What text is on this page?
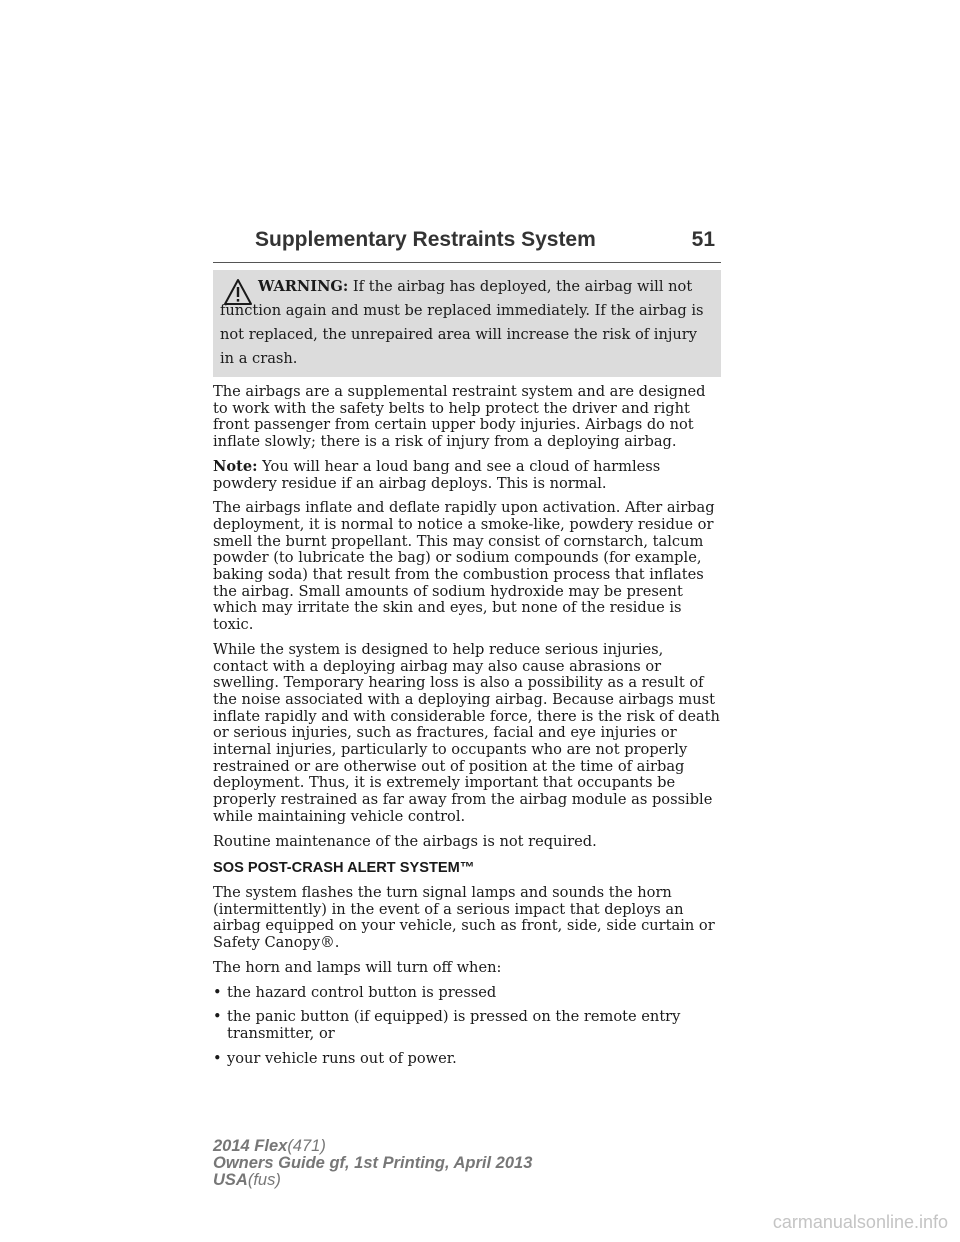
Supplementary Restraints System	51
WARNING: If the airbag has deployed, the airbag will not function again and must be replaced immediately. If the airbag is not replaced, the unrepaired area will increase the risk of injury in a crash.

The airbags are a supplemental restraint system and are designed to work with the safety belts to help protect the driver and right front passenger from certain upper body injuries. Airbags do not inflate slowly; there is a risk of injury from a deploying airbag.

Note: You will hear a loud bang and see a cloud of harmless powdery residue if an airbag deploys. This is normal.

The airbags inflate and deflate rapidly upon activation. After airbag deployment, it is normal to notice a smoke-like, powdery residue or smell the burnt propellant. This may consist of cornstarch, talcum powder (to lubricate the bag) or sodium compounds (for example, baking soda) that result from the combustion process that inflates the airbag. Small amounts of sodium hydroxide may be present which may irritate the skin and eyes, but none of the residue is toxic.

While the system is designed to help reduce serious injuries, contact with a deploying airbag may also cause abrasions or swelling. Temporary hearing loss is also a possibility as a result of the noise associated with a deploying airbag. Because airbags must inflate rapidly and with considerable force, there is the risk of death or serious injuries, such as fractures, facial and eye injuries or internal injuries, particularly to occupants who are not properly restrained or are otherwise out of position at the time of airbag deployment. Thus, it is extremely important that occupants be properly restrained as far away from the airbag module as possible while maintaining vehicle control.

Routine maintenance of the airbags is not required.

SOS POST-CRASH ALERT SYSTEM™

The system flashes the turn signal lamps and sounds the horn (intermittently) in the event of a serious impact that deploys an airbag equipped on your vehicle, such as front, side, side curtain or Safety Canopy®.

The horn and lamps will turn off when:

• the hazard control button is pressed
• the panic button (if equipped) is pressed on the remote entry transmitter, or
• your vehicle runs out of power.
2014 Flex(471)
Owners Guide gf, 1st Printing, April 2013
USA(fus)
carmanualsonline.info
